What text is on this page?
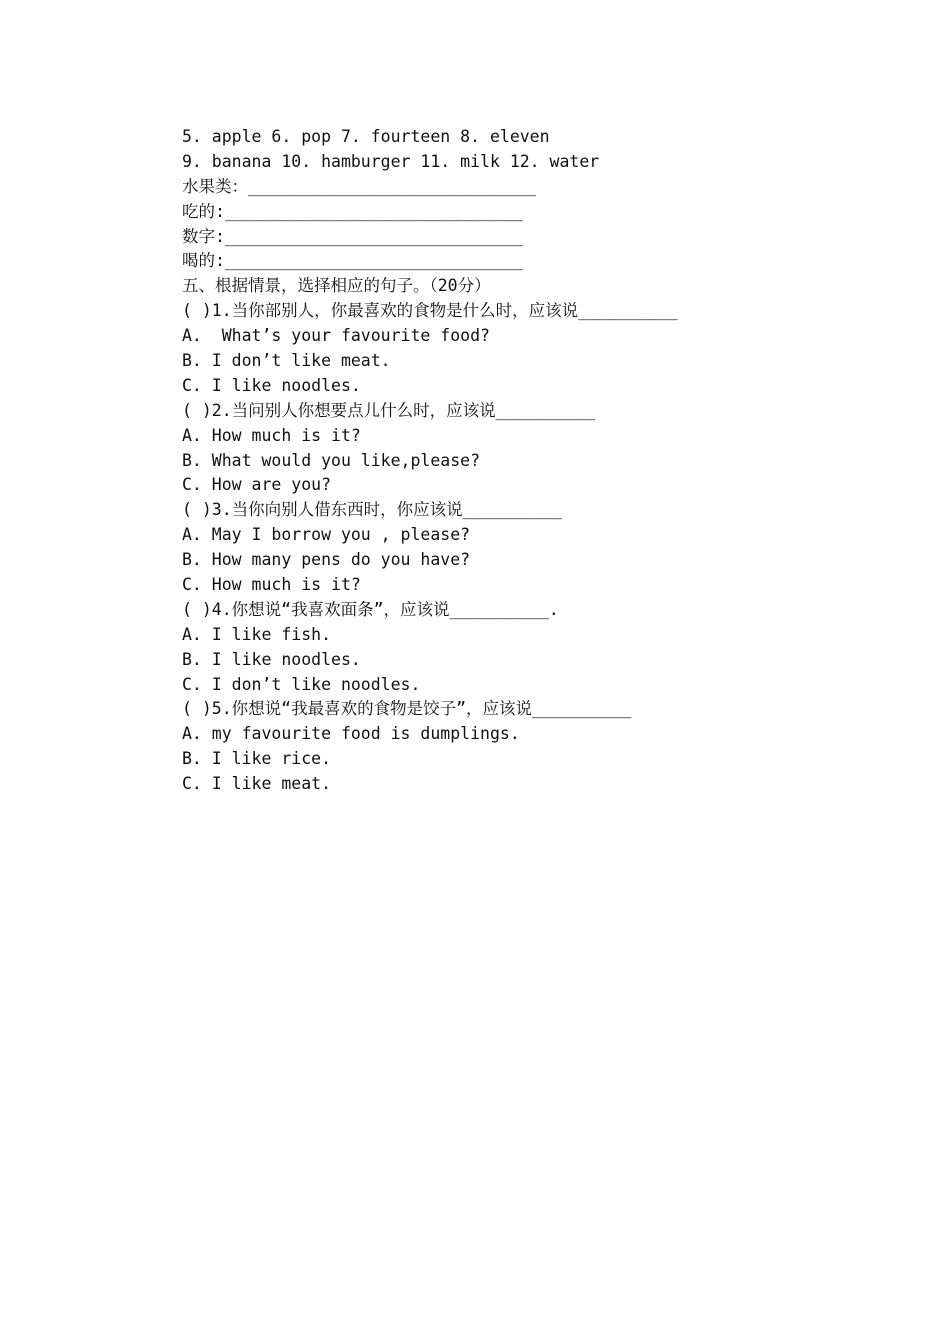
5. apple 6. pop 7. fourteen 8. eleven
9. banana 10. hamburger 11. milk 12. water
水果类：_____________________________
吃的:______________________________
数字:______________________________
喝的:______________________________
五、根据情景，选择相应的句子。（20分）
( )1.当你部别人，你最喜欢的食物是什么时，应该说__________
A.  What’s your favourite food?
B. I don’t like meat.
C. I like noodles.
( )2.当问别人你想要点儿什么时，应该说__________
A. How much is it?
B. What would you like,please?
C. How are you?
( )3.当你向别人借东西时，你应该说__________
A. May I borrow you , please?
B. How many pens do you have?
C. How much is it?
( )4.你想说“我喜欢面条”，应该说__________.
A. I like fish.
B. I like noodles.
C. I don’t like noodles.
( )5.你想说“我最喜欢的食物是饺子”，应该说__________
A. my favourite food is dumplings.
B. I like rice.
C. I like meat.
